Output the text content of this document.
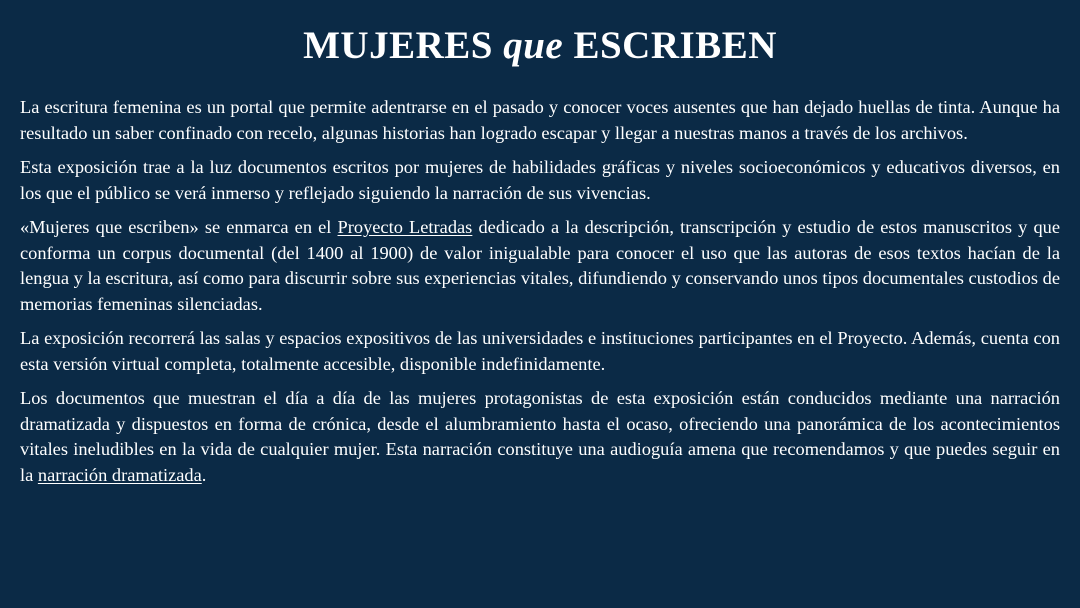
MUJERES que ESCRIBEN

La escritura femenina es un portal que permite adentrarse en el pasado y conocer voces ausentes que han dejado huellas de tinta. Aunque ha resultado un saber confinado con recelo, algunas historias han logrado escapar y llegar a nuestras manos a través de los archivos.

Esta exposición trae a la luz documentos escritos por mujeres de habilidades gráficas y niveles socioeconómicos y educativos diversos, en los que el público se verá inmerso y reflejado siguiendo la narración de sus vivencias.

«Mujeres que escriben» se enmarca en el Proyecto Letradas dedicado a la descripción, transcripción y estudio de estos manuscritos y que conforma un corpus documental (del 1400 al 1900) de valor inigualable para conocer el uso que las autoras de esos textos hacían de la lengua y la escritura, así como para discurrir sobre sus experiencias vitales, difundiendo y conservando unos tipos documentales custodios de memorias femeninas silenciadas.

La exposición recorrerá las salas y espacios expositivos de las universidades e instituciones participantes en el Proyecto. Además, cuenta con esta versión virtual completa, totalmente accesible, disponible indefinidamente.

Los documentos que muestran el día a día de las mujeres protagonistas de esta exposición están conducidos mediante una narración dramatizada y dispuestos en forma de crónica, desde el alumbramiento hasta el ocaso, ofreciendo una panorámica de los acontecimientos vitales ineludibles en la vida de cualquier mujer. Esta narración constituye una audioguía amena que recomendamos y que puedes seguir en la narración dramatizada.
